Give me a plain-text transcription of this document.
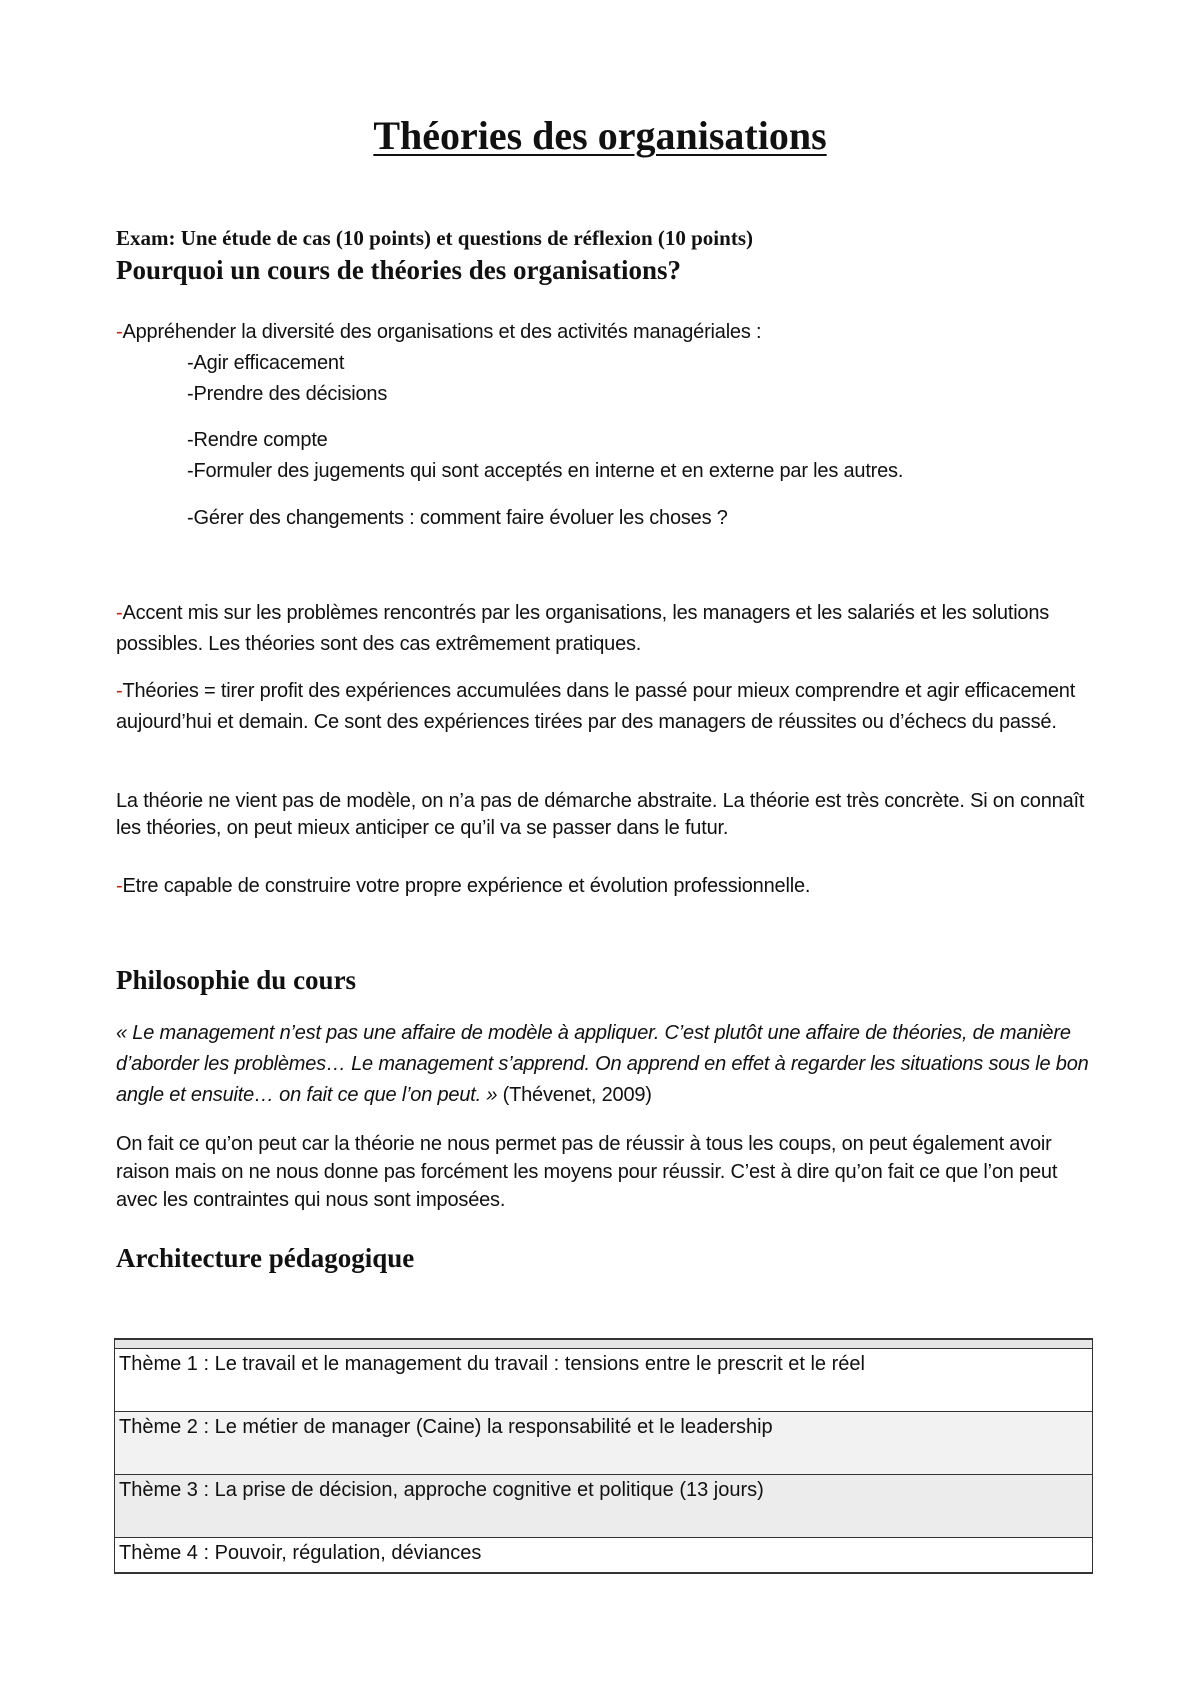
Théories des organisations
Exam: Une étude de cas (10 points) et questions de réflexion (10 points)
Pourquoi un cours de théories des organisations?
-Appréhender la diversité des organisations et des activités managériales :
-Agir efficacement
-Prendre des décisions
-Rendre compte
-Formuler des jugements qui sont acceptés en interne et en externe par les autres.
-Gérer des changements : comment faire évoluer les choses ?
-Accent mis sur les problèmes rencontrés par les organisations, les managers et les salariés et les solutions possibles. Les théories sont des cas extrêmement pratiques.
-Théories = tirer profit des expériences accumulées dans le passé pour mieux comprendre et agir efficacement aujourd’hui et demain. Ce sont des expériences tirées par des managers de réussites ou d’échecs du passé.
La théorie ne vient pas de modèle, on n’a pas de démarche abstraite. La théorie est très concrète. Si on connaît les théories, on peut mieux anticiper ce qu’il va se passer dans le futur.
-Etre capable de construire votre propre expérience et évolution professionnelle.
Philosophie du cours
« Le management n’est pas une affaire de modèle à appliquer. C’est plutôt une affaire de théories, de manière d’aborder les problèmes… Le management s’apprend. On apprend en effet à regarder les situations sous le bon angle et ensuite… on fait ce que l’on peut. » (Thévenet, 2009)
On fait ce qu’on peut car la théorie ne nous permet pas de réussir à tous les coups, on peut également avoir raison mais on ne nous donne pas forcément les moyens pour réussir. C’est à dire qu’on fait ce que l’on peut avec les contraintes qui nous sont imposées.
Architecture pédagogique

Thème 1 : Le travail et le management du travail : tensions entre le prescrit et le réel
Thème 2 : Le métier de manager (Caine) la responsabilité et le leadership
Thème 3 : La prise de décision, approche cognitive et politique (13 jours)
Thème 4 : Pouvoir, régulation, déviances
